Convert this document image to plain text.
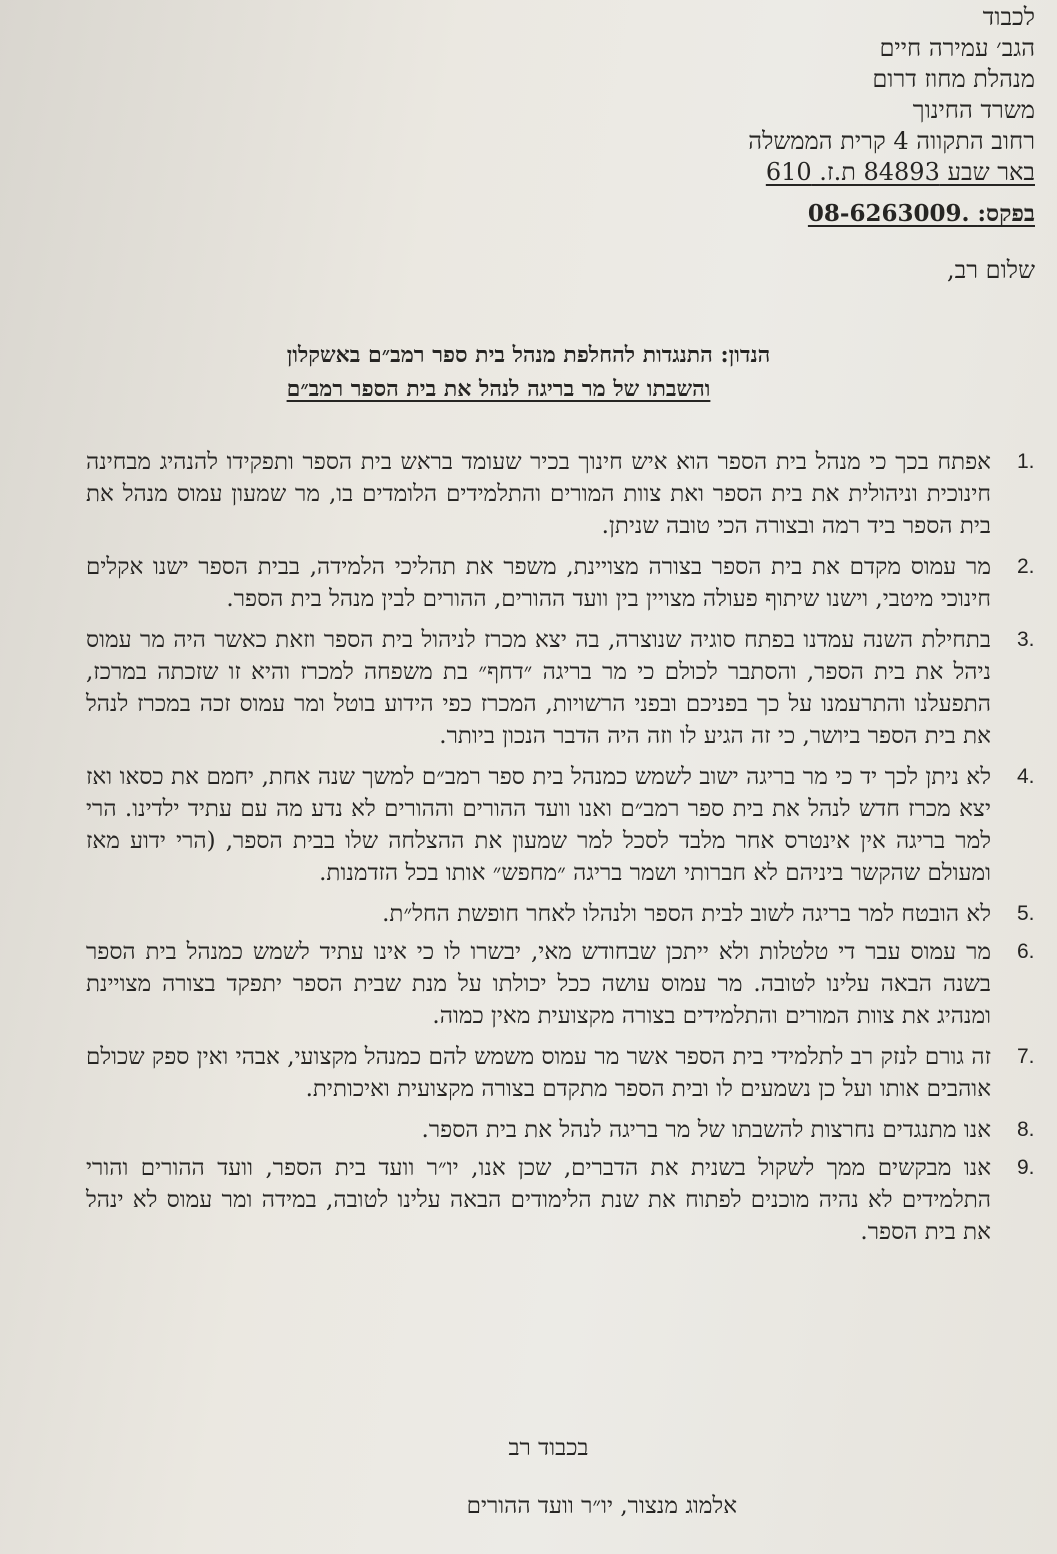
לכבוד
הגב׳ עמירה חיים
מנהלת מחוז דרום
משרד החינוך
רחוב התקווה 4 קרית הממשלה
באר שבע 84893 ת.ז. 610
בפקס: 08-6263009.
שלום רב,
הנדון: התנגדות להחלפת מנהל בית ספר רמב״ם באשקלון
והשבתו של מר בריגה לנהל את בית הספר רמב״ם
1.
אפתח בכך כי מנהל בית הספר הוא איש חינוך בכיר שעומד בראש בית הספר ותפקידו להנהיג מבחינה חינוכית וניהולית את בית הספר ואת צוות המורים והתלמידים הלומדים בו, מר שמעון עמוס מנהל את בית הספר ביד רמה ובצורה הכי טובה שניתן.
2.
מר עמוס מקדם את בית הספר בצורה מצויינת, משפר את תהליכי הלמידה, בבית הספר ישנו אקלים חינוכי מיטבי, וישנו שיתוף פעולה מצויין בין וועד ההורים, ההורים לבין מנהל בית הספר.
3.
בתחילת השנה עמדנו בפתח סוגיה שנוצרה, בה יצא מכרז לניהול בית הספר וזאת כאשר היה מר עמוס ניהל את בית הספר, והסתבר לכולם כי מר בריגה ״דחף״ בת משפחה למכרז והיא זו שזכתה במרכז, התפעלנו והתרעמנו על כך בפניכם ובפני הרשויות, המכרז כפי הידוע בוטל ומר עמוס זכה במכרז לנהל את בית הספר ביושר, כי זה הגיע לו וזה היה הדבר הנכון ביותר.
4.
לא ניתן לכך יד כי מר בריגה ישוב לשמש כמנהל בית ספר רמב״ם למשך שנה אחת, יחמם את כסאו ואז יצא מכרז חדש לנהל את בית ספר רמב״ם ואנו וועד ההורים וההורים לא נדע מה עם עתיד ילדינו. הרי למר בריגה אין אינטרס אחר מלבד לסכל למר שמעון את ההצלחה שלו בבית הספר, (הרי ידוע מאז ומעולם שהקשר ביניהם לא חברותי ושמר בריגה ״מחפש״ אותו בכל הזדמנות.
5.
לא הובטח למר בריגה לשוב לבית הספר ולנהלו לאחר חופשת החל״ת.
6.
מר עמוס עבר די טלטלות ולא ייתכן שבחודש מאי, יבשרו לו כי אינו עתיד לשמש כמנהל בית הספר בשנה הבאה עלינו לטובה. מר עמוס עושה ככל יכולתו על מנת שבית הספר יתפקד בצורה מצויינת ומנהיג את צוות המורים והתלמידים בצורה מקצועית מאין כמוה.
7.
זה גורם לנזק רב לתלמידי בית הספר אשר מר עמוס משמש להם כמנהל מקצועי, אבהי ואין ספק שכולם אוהבים אותו ועל כן נשמעים לו ובית הספר מתקדם בצורה מקצועית ואיכותית.
8.
אנו מתנגדים נחרצות להשבתו של מר בריגה לנהל את בית הספר.
9.
אנו מבקשים ממך לשקול בשנית את הדברים, שכן אנו, יו״ר וועד בית הספר, וועד ההורים והורי התלמידים לא נהיה מוכנים לפתוח את שנת הלימודים הבאה עלינו לטובה, במידה ומר עמוס לא ינהל את בית הספר.
בכבוד רב
אלמוג מנצור, יו״ר וועד ההורים
